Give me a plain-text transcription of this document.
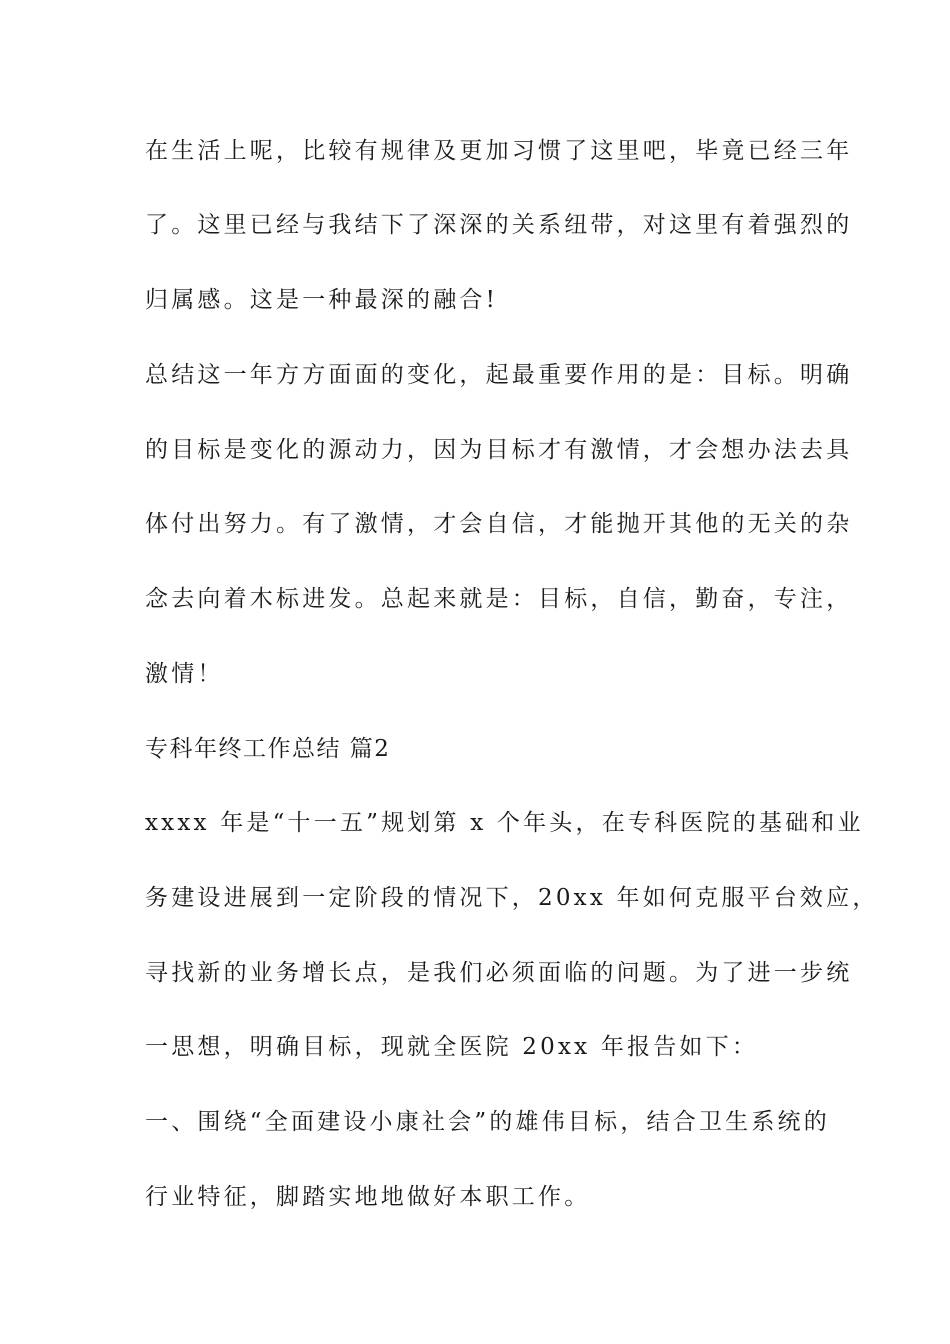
在生活上呢，比较有规律及更加习惯了这里吧，毕竟已经三年
了。这里已经与我结下了深深的关系纽带，对这里有着强烈的
归属感。这是一种最深的融合!
总结这一年方方面面的变化，起最重要作用的是：目标。明确
的目标是变化的源动力，因为目标才有激情，才会想办法去具
体付出努力。有了激情，才会自信，才能抛开其他的无关的杂
念去向着木标进发。总起来就是：目标，自信，勤奋，专注，
激情！
专科年终工作总结 篇2
xxxx 年是“十一五”规划第 x 个年头，在专科医院的基础和业
务建设进展到一定阶段的情况下，20xx 年如何克服平台效应，
寻找新的业务增长点，是我们必须面临的问题。为了进一步统
一思想，明确目标，现就全医院 20xx 年报告如下：
一、围绕“全面建设小康社会”的雄伟目标，结合卫生系统的
行业特征，脚踏实地地做好本职工作。
